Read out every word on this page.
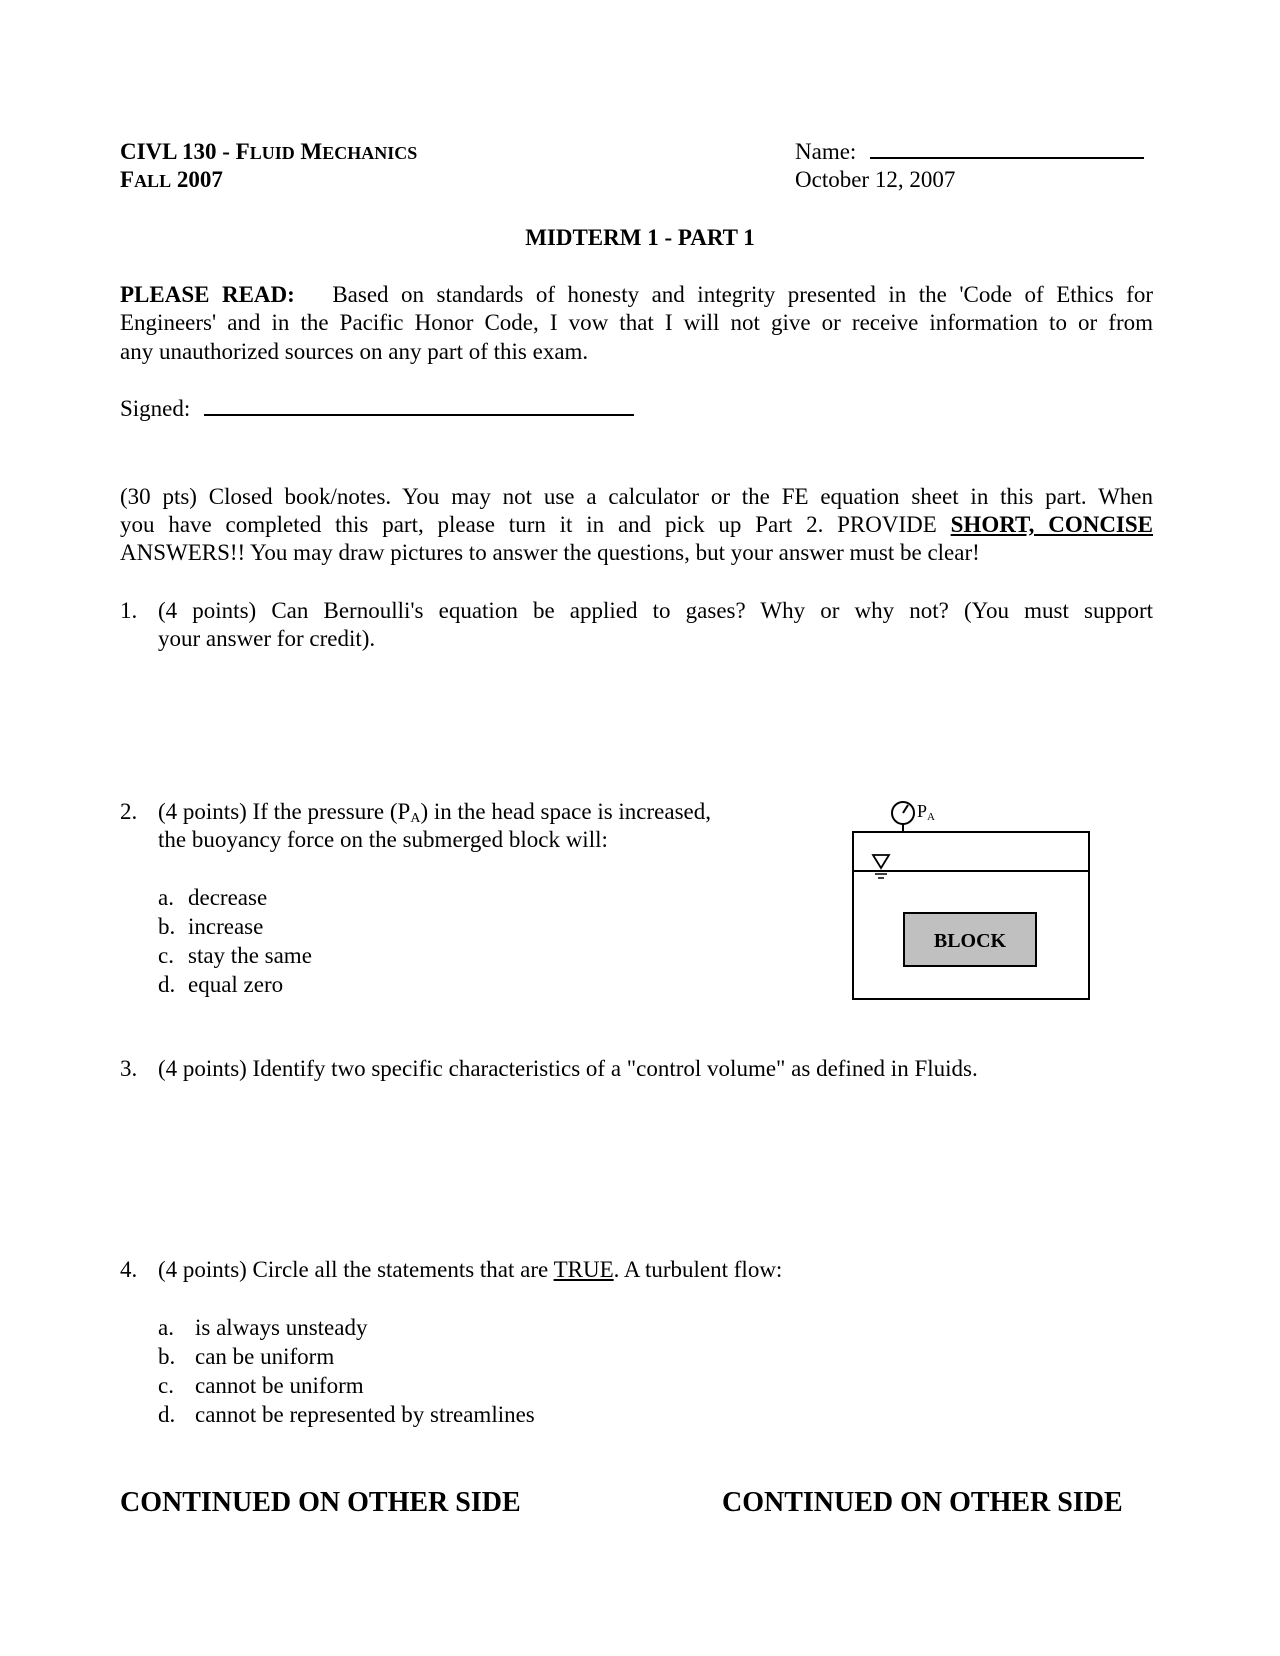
CIVL 130 - FLUID MECHANICS
FALL 2007
Name:
October 12, 2007
MIDTERM 1 - PART 1
PLEASE READ: Based on standards of honesty and integrity presented in the 'Code of Ethics for
Engineers' and in the Pacific Honor Code, I vow that I will not give or receive information to or from
any unauthorized sources on any part of this exam.
Signed:
(30 pts) Closed book/notes. You may not use a calculator or the FE equation sheet in this part. When
you have completed this part, please turn it in and pick up Part 2. PROVIDE SHORT, CONCISE
ANSWERS!! You may draw pictures to answer the questions, but your answer must be clear!
1. (4 points) Can Bernoulli's equation be applied to gases? Why or why not? (You must support
your answer for credit).
2. (4 points) If the pressure $(P_A)$ in the head space is increased,
the buoyancy force on the submerged block will:
a. decrease
b. increase
c. stay the same
d. equal zero
PA
BLOCK
3. (4 points) Identify two specific characteristics of a "control volume" as defined in Fluids.
4. (4 points) Circle all the statements that are TRUE. A turbulent flow:
a. is always unsteady
b. can be uniform
c. cannot be uniform
d. cannot be represented by streamlines
CONTINUED ON OTHER SIDE	CONTINUED ON OTHER SIDE
